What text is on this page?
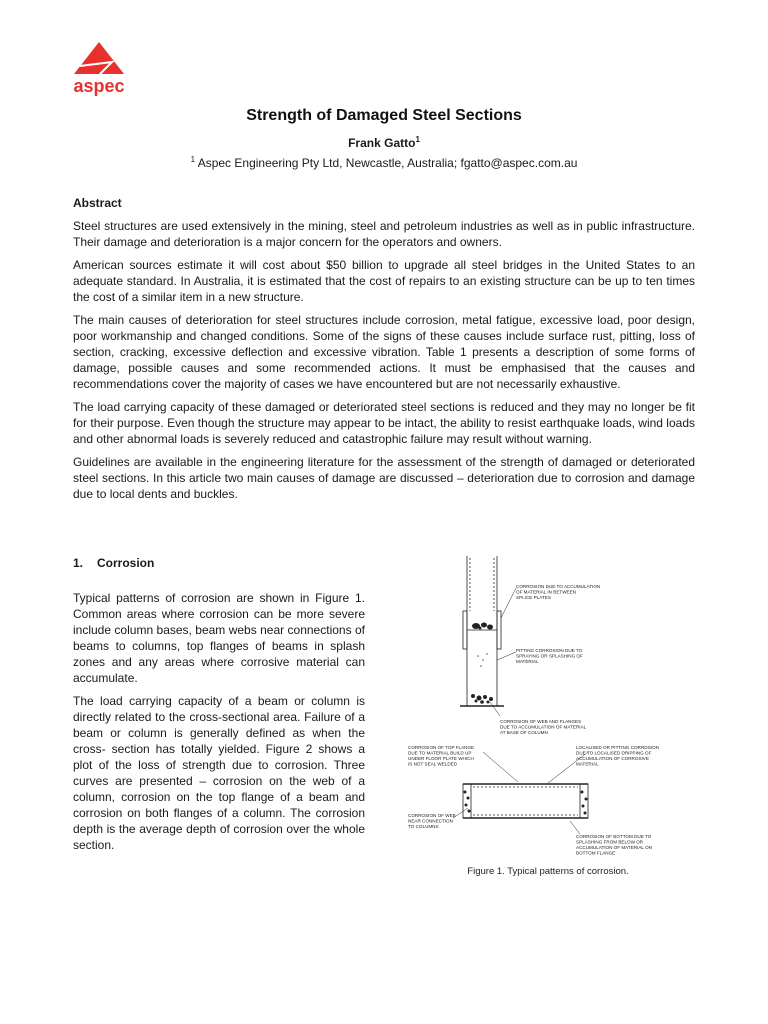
aspec
Strength of Damaged Steel Sections
Frank Gatto$^1$
$^1$ Aspec Engineering Pty Ltd, Newcastle, Australia; fgatto@aspec.com.au
Abstract

Steel structures are used extensively in the mining, steel and petroleum industries as well as in public infrastructure. Their damage and deterioration is a major concern for the operators and owners.

American sources estimate it will cost about $50 billion to upgrade all steel bridges in the United States to an adequate standard. In Australia, it is estimated that the cost of repairs to an existing structure can be up to ten times the cost of a similar item in a new structure.

The main causes of deterioration for steel structures include corrosion, metal fatigue, excessive load, poor design, poor workmanship and changed conditions. Some of the signs of these causes include surface rust, pitting, loss of section, cracking, excessive deflection and excessive vibration. Table 1 presents a description of some forms of damage, possible causes and some recommended actions. It must be emphasised that the causes and recommendations cover the majority of cases we have encountered but are not necessarily exhaustive.

The load carrying capacity of these damaged or deteriorated steel sections is reduced and they may no longer be fit for their purpose. Even though the structure may appear to be intact, the ability to resist earthquake loads, wind loads and other abnormal loads is severely reduced and catastrophic failure may result without warning.

Guidelines are available in the engineering literature for the assessment of the strength of damaged or deteriorated steel sections. In this article two main causes of damage are discussed – deterioration due to corrosion and damage due to local dents and buckles.

1. Corrosion

Typical patterns of corrosion are shown in Figure 1. Common areas where corrosion can be more severe include column bases, beam webs near connections of beams to columns, top flanges of beams in splash zones and any areas where corrosive material can accumulate.

The load carrying capacity of a beam or column is directly related to the cross-sectional area. Failure of a beam or column is generally defined as when the cross- section has totally yielded. Figure 2 shows a plot of the loss of strength due to corrosion. Three curves are presented – corrosion on the web of a column, corrosion on the top flange of a beam and corrosion on both flanges of a column. The corrosion depth is the average depth of corrosion over the whole section.

CORROSION DUE TO ACCUMULATION OF MATERIAL IN BETWEEN SPLICE PLATES
PITTING CORROSION DUE TO SPRAYING OR SPLASHING OF MATERIAL
CORROSION OF WEB AND FLANGES DUE TO ACCUMULATION OF MATERIAL AT BASE OF COLUMN
CORROSION OF TOP FLANGE DUE TO MATERIAL BUILD UP UNDER FLOOR PLATE WHICH IS NOT SEAL WELDED
LOCALISED OR PITTING CORROSION DUE TO LOCALISED DRIPPING OF ACCUMULATION OF CORROSIVE MATERIAL
CORROSION OF WEB NEAR CONNECTION TO COLUMNS
CORROSION OF BOTTOM DUE TO SPLASHING FROM BELOW OR ACCUMULATION OF MATERIAL ON BOTTOM FLANGE
Figure 1. Typical patterns of corrosion.
